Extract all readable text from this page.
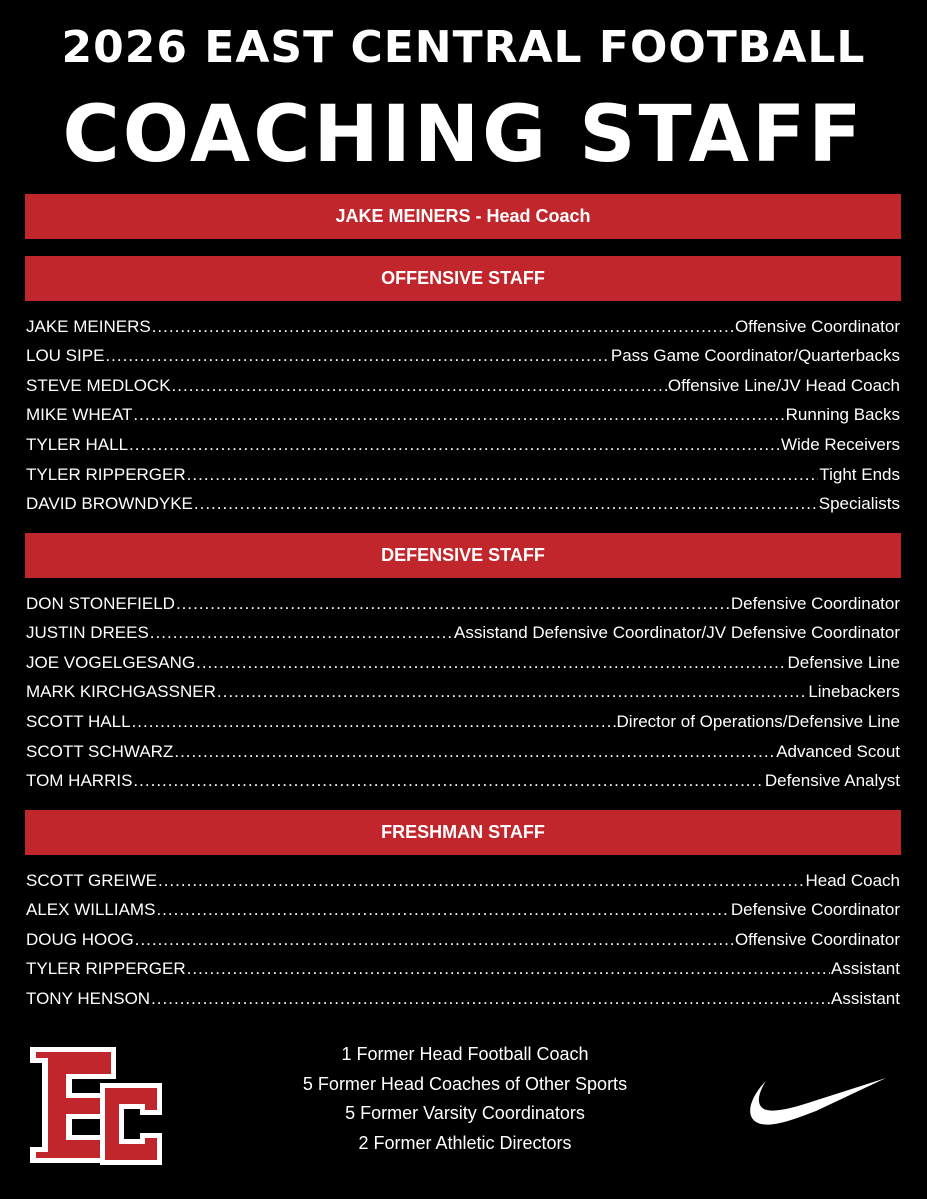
2026 EAST CENTRAL FOOTBALL
COACHING STAFF
JAKE MEINERS - Head Coach
OFFENSIVE STAFF
JAKE MEINERS .....	Offensive Coordinator
LOU SIPE .....	Pass Game Coordinator/Quarterbacks
STEVE MEDLOCK .....	Offensive Line/JV Head Coach
MIKE WHEAT .....	Running Backs
TYLER HALL .....	Wide Receivers
TYLER RIPPERGER .....	Tight Ends
DAVID BROWNDYKE .....	Specialists
DEFENSIVE STAFF
DON STONEFIELD .....	Defensive Coordinator
JUSTIN DREES .....	Assistand Defensive Coordinator/JV Defensive Coordinator
JOE VOGELGESANG .....	Defensive Line
MARK KIRCHGASSNER .....	Linebackers
SCOTT HALL .....	Director of Operations/Defensive Line
SCOTT SCHWARZ .....	Advanced Scout
TOM HARRIS .....	Defensive Analyst
FRESHMAN STAFF
SCOTT GREIWE .....	Head Coach
ALEX WILLIAMS .....	Defensive Coordinator
DOUG HOOG .....	Offensive Coordinator
TYLER RIPPERGER .....	Assistant
TONY HENSON .....	Assistant
1 Former Head Football Coach
5 Former Head Coaches of Other Sports
5 Former Varsity Coordinators
2 Former Athletic Directors
